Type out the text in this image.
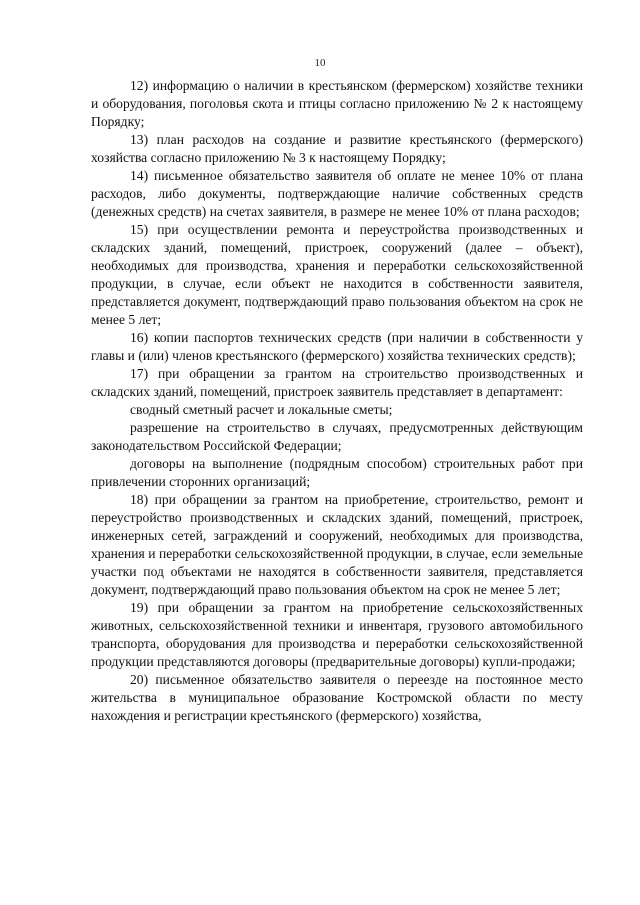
10

12) информацию о наличии в крестьянском (фермерском) хозяйстве техники и оборудования, поголовья скота и птицы согласно приложению № 2 к настоящему Порядку;

13) план расходов на создание и развитие крестьянского (фермерского) хозяйства согласно приложению № 3 к настоящему Порядку;

14) письменное обязательство заявителя об оплате не менее 10% от плана расходов, либо документы, подтверждающие наличие собственных средств (денежных средств) на счетах заявителя, в размере не менее 10% от плана расходов;

15) при осуществлении ремонта и переустройства производственных и складских зданий, помещений, пристроек, сооружений (далее – объект), необходимых для производства, хранения и переработки сельскохозяйственной продукции, в случае, если объект не находится в собственности заявителя, представляется документ, подтверждающий право пользования объектом на срок не менее 5 лет;

16) копии паспортов технических средств (при наличии в собственности у главы и (или) членов крестьянского (фермерского) хозяйства технических средств);

17) при обращении за грантом на строительство производственных и складских зданий, помещений, пристроек заявитель представляет в департамент:

сводный сметный расчет и локальные сметы;

разрешение на строительство в случаях, предусмотренных действующим законодательством Российской Федерации;

договоры на выполнение (подрядным способом) строительных работ при привлечении сторонних организаций;

18) при обращении за грантом на приобретение, строительство, ремонт и переустройство производственных и складских зданий, помещений, пристроек, инженерных сетей, заграждений и сооружений, необходимых для производства, хранения и переработки сельскохозяйственной продукции, в случае, если земельные участки под объектами не находятся в собственности заявителя, представляется документ, подтверждающий право пользования объектом на срок не менее 5 лет;

19) при обращении за грантом на приобретение сельскохозяйственных животных, сельскохозяйственной техники и инвентаря, грузового автомобильного транспорта, оборудования для производства и переработки сельскохозяйственной продукции представляются договоры (предварительные договоры) купли-продажи;

20) письменное обязательство заявителя о переезде на постоянное место жительства в муниципальное образование Костромской области по месту нахождения и регистрации крестьянского (фермерского) хозяйства,
